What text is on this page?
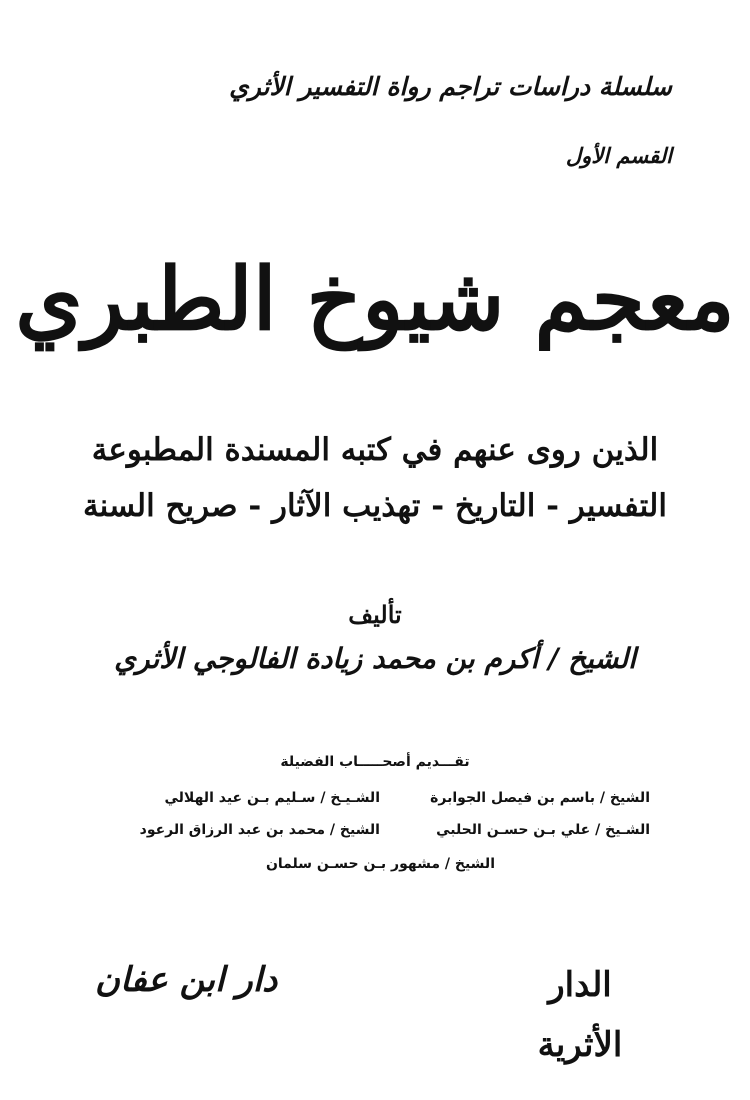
سلسلة دراسات تراجم رواة التفسير الأثري
القسم الأول
معجم شيوخ الطبري
الذين روى عنهم في كتبه المسندة المطبوعة
التفسير - التاريخ - تهذيب الآثار - صريح السنة
تأليف
الشيخ / أكرم بن محمد زيادة الفالوجي الأثري
تقـــديم أصحـــــاب الفضيلة
الشيخ / باسم بن فيصل الجوابرة
الشـيـخ / سـليم بـن عيد الهلالي
الشـيخ / علي بـن حسـن الحلبي
الشيخ / محمد بن عبد الرزاق الرعود
الشيخ / مشهور بـن حسـن سلمان
الدار الأثرية
دار ابن عفان
